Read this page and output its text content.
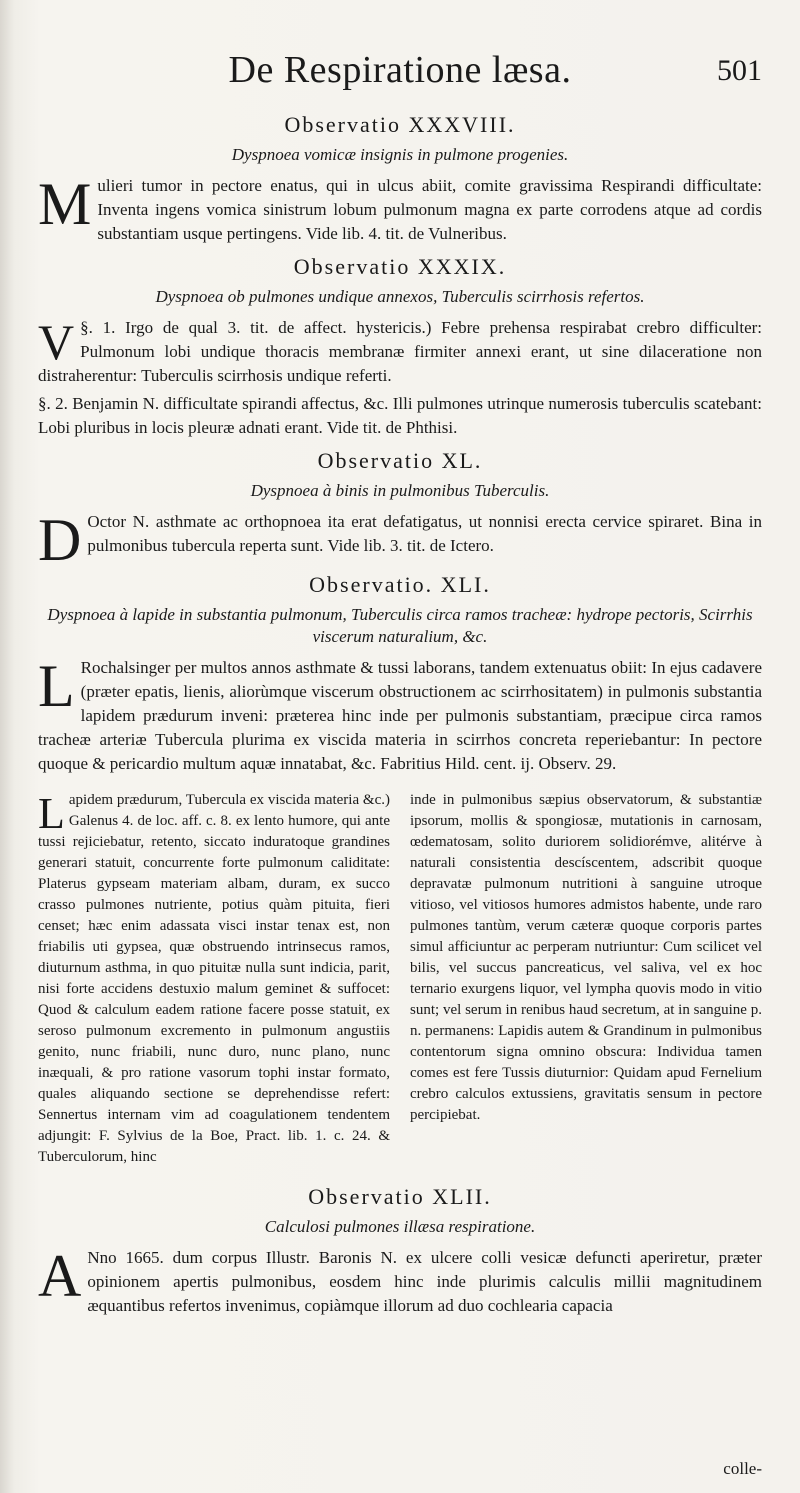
De Respiratione læsa.	501
Observatio XXXVIII.
Dyspnoea vomicæ insignis in pulmone progenies.

M ulieri tumor in pectore enatus, qui in ulcus abiit, comite gravissima Respirandi difficultate: Inventa ingens vomica sinistrum lobum pulmonum magna ex parte corrodens atque ad cordis substantiam usque pertingens. Vide lib. 4. tit. de Vulneribus.

Observatio XXXIX.
Dyspnoea ob pulmones undique annexos, Tuberculis scirrhosis refertos.

§. 1.
V	Irgo de qual 3. tit. de affect. hystericis.) Febre prehensa respirabat crebro difficulter: Pulmonum lobi undique thoracis membranæ firmiter annexi erant, ut sine dilaceratione non distraherentur: Tuberculis scirrhosis undique referti.

§. 2. Benjamin N. difficultate spirandi affectus, &c. Illi pulmones utrinque numerosis tuberculis scatebant: Lobi pluribus in locis pleuræ adnati erant. Vide tit. de Phthisi.

Observatio XL.
Dyspnoea à binis in pulmonibus Tuberculis.

D Octor N. asthmate ac orthopnoea ita erat defatigatus, ut nonnisi erecta cervice spiraret. Bina in pulmonibus tubercula reperta sunt. Vide lib. 3. tit. de Ictero.

Observatio. XLI.
Dyspnoea à lapide in substantia pulmonum, Tuberculis circa ramos tracheæ: hydrope pectoris, Scirrhis viscerum naturalium, &c.

L Rochalsinger per multos annos asthmate & tussi laborans, tandem extenuatus obiit: In ejus cadavere (præter epatis, lienis, aliorùmque viscerum obstructionem ac scirrhositatem) in pulmonis substantia lapidem prædurum inveni: præterea hinc inde per pulmonis substantiam, præcipue circa ramos tracheæ arteriæ Tubercula plurima ex viscida materia in scirrhos concreta reperiebantur: In pectore quoque & pericardio multum aquæ innatabat, &c. Fabritius Hild. cent. ij. Observ. 29.

L apidem prædurum, Tubercula ex viscida materia &c.) Galenus 4. de loc. aff. c. 8. ex lento humore, qui ante tussi rejiciebatur, retento, siccato induratoque grandines generari statuit, concurrente forte pulmonum caliditate: Platerus gypseam materiam albam, duram, ex succo crasso pulmones nutriente, potius quàm pituita, fieri censet; hæc enim adassata visci instar tenax est, non friabilis uti gypsea, quæ obstruendo intrinsecus ramos, diuturnum asthma, in quo pituitæ nulla sunt indicia, parit, nisi forte accidens destuxio malum geminet & suffocet: Quod & calculum eadem ratione facere posse statuit, ex seroso pulmonum excremento in pulmonum angustiis genito, nunc friabili, nunc duro, nunc plano, nunc inæquali, & pro ratione vasorum tophi instar formato, quales aliquando sectione se deprehendisse refert: Sennertus internam vim ad coagulationem tendentem adjungit: F. Sylvius de la Boe, Pract. lib. 1. c. 24. & Tuberculorum, hinc
inde in pulmonibus sæpius observatorum, & substantiæ ipsorum, mollis & spongiosæ, mutationis in carnosam, œdematosam, solito duriorem solidiorémve, alitérve à naturali consistentia descíscentem, adscribit quoque depravatæ pulmonum nutritioni à sanguine utroque vitioso, vel vitiosos humores admistos habente, unde raro pulmones tantùm, verum cæteræ quoque corporis partes simul afficiuntur ac perperam nutriuntur: Cum scilicet vel bilis, vel succus pancreaticus, vel saliva, vel ex hoc ternario exurgens liquor, vel lympha quovis modo in vitio sunt; vel serum in renibus haud secretum, at in sanguine p. n. permanens: Lapidis autem & Grandinum in pulmonibus contentorum signa omnino obscura: Individua tamen comes est fere Tussis diuturnior: Quidam apud Fernelium crebro calculos extussiens, gravitatis sensum in pectore percipiebat.
Observatio XLII.
Calculosi pulmones illæsa respiratione.

A Nno 1665. dum corpus Illustr. Baronis N. ex ulcere colli vesicæ defuncti aperiretur, præter opinionem apertis pulmonibus, eosdem hinc inde plurimis calculis millii magnitudinem æquantibus refertos invenimus, copiàmque illorum ad duo cochlearia capacia

colle-
